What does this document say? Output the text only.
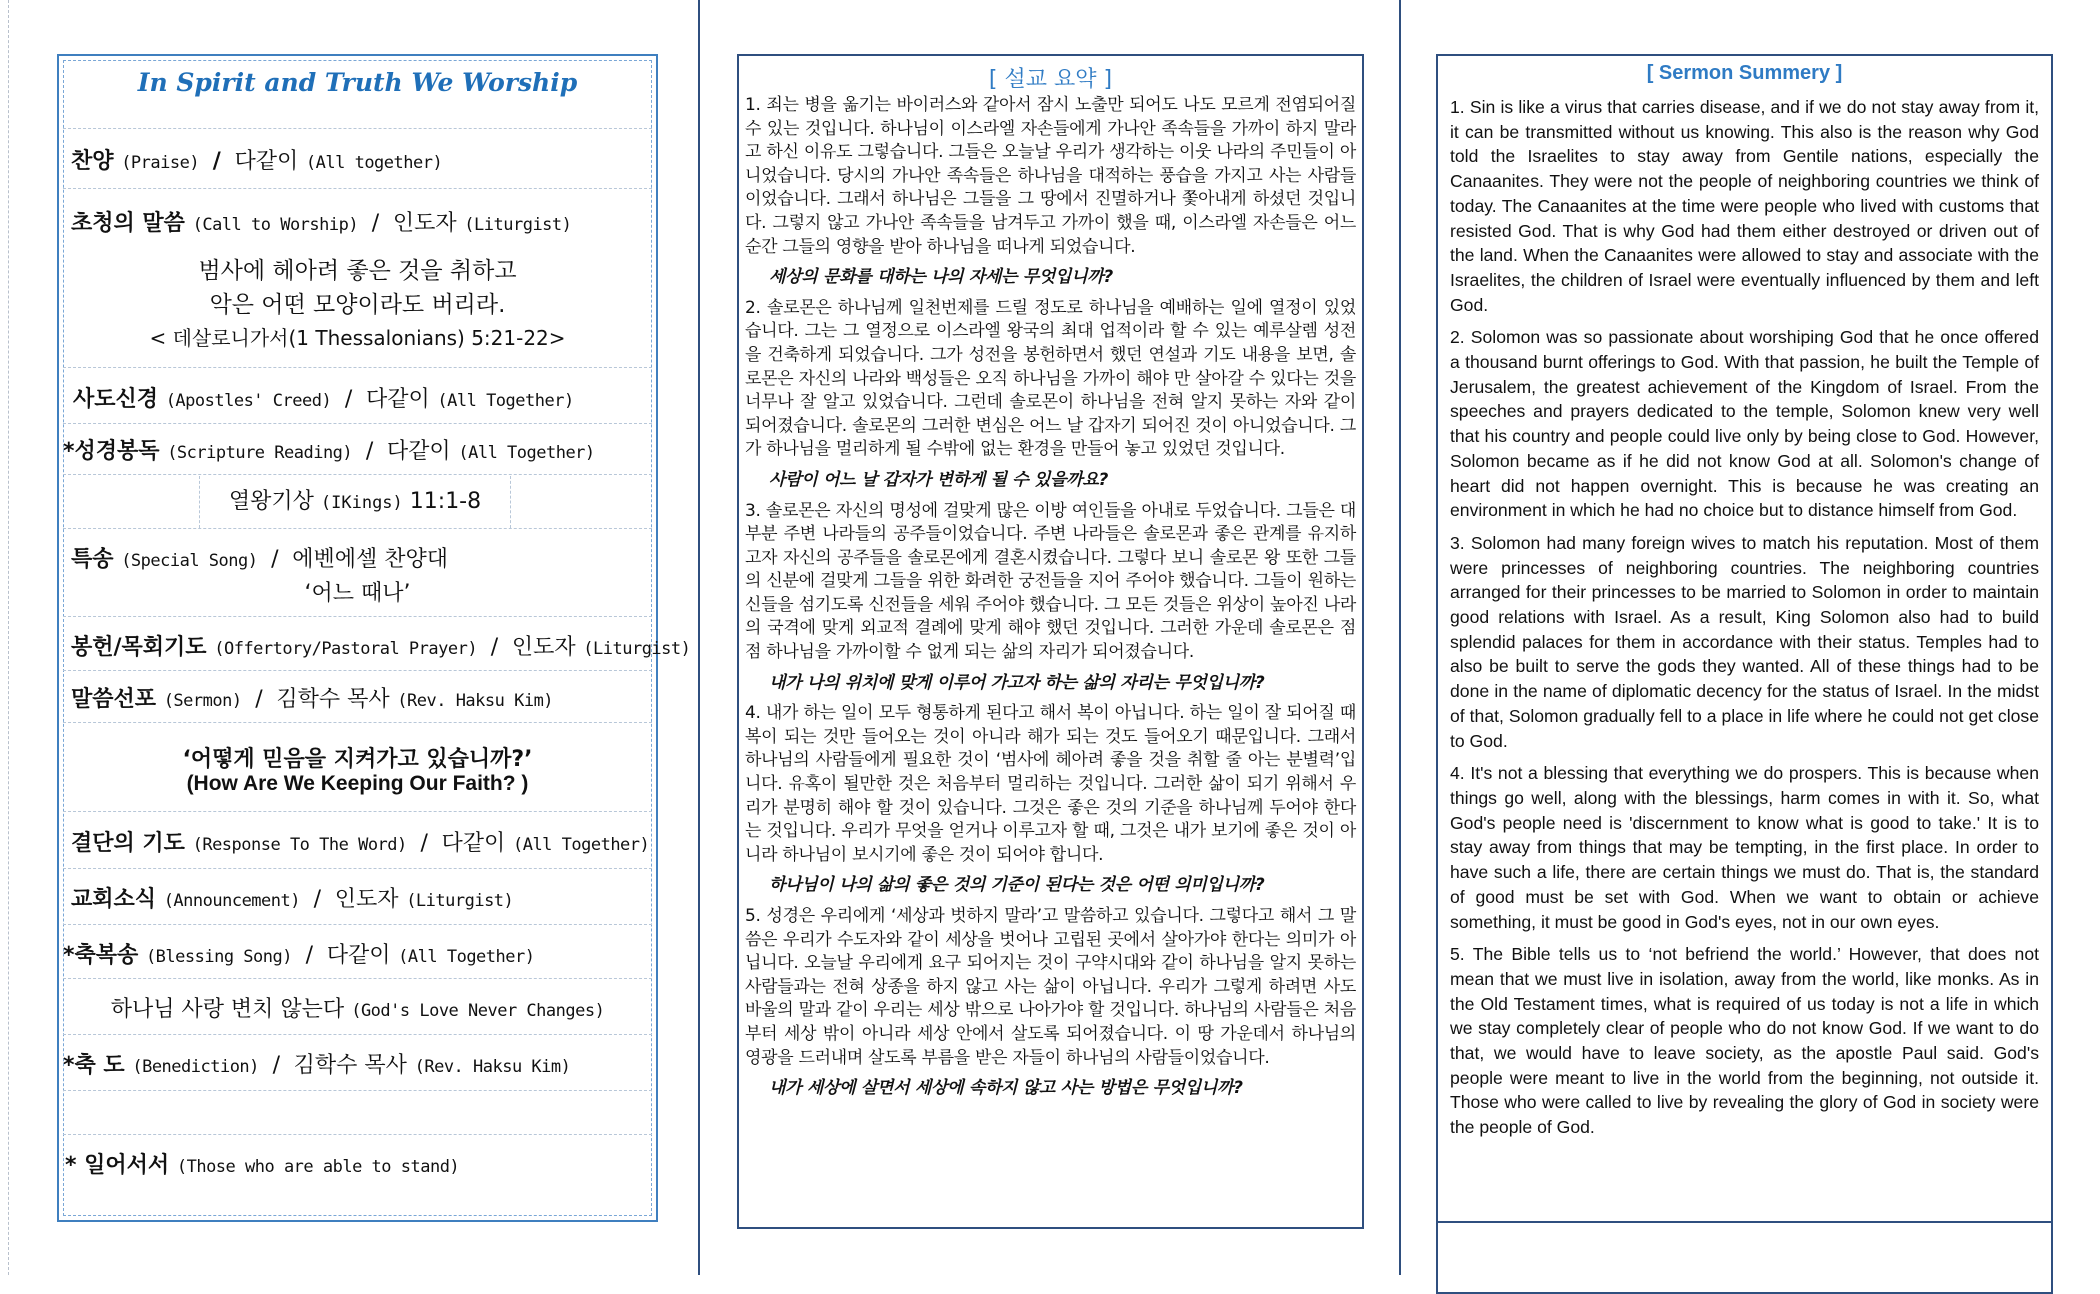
In Spirit and Truth We Worship
찬양 (Praise) / 다같이 (All together)
초청의 말씀 (Call to Worship) / 인도자 (Liturgist)
범사에 헤아려 좋은 것을 취하고
악은 어떤 모양이라도 버리라.
< 데살로니가서(1 Thessalonians) 5:21-22>
사도신경 (Apostles' Creed) / 다같이 (All Together)
*성경봉독 (Scripture Reading) / 다같이 (All Together)
열왕기상 (IKings) 11:1-8
특송 (Special Song) / 에벤에셀 찬양대
‘어느 때나’
봉헌/목회기도 (Offertory/Pastoral Prayer) / 인도자 (Liturgist)
말씀선포 (Sermon) / 김학수 목사 (Rev. Haksu Kim)
‘어떻게 믿음을 지켜가고 있습니까?’
(How Are We Keeping Our Faith? )
결단의 기도 (Response To The Word) / 다같이 (All Together)
교회소식 (Announcement) / 인도자 (Liturgist)
*축복송 (Blessing Song) / 다같이 (All Together)
하나님 사랑 변치 않는다 (God's Love Never Changes)
*축 도 (Benediction) / 김학수 목사 (Rev. Haksu Kim)
* 일어서서 (Those who are able to stand)
[ 설교 요약 ]

1. 죄는 병을 옮기는 바이러스와 같아서 잠시 노출만 되어도 나도 모르게 전염되어질 수 있는 것입니다. 하나님이 이스라엘 자손들에게 가나안 족속들을 가까이 하지 말라고 하신 이유도 그렇습니다. 그들은 오늘날 우리가 생각하는 이웃 나라의 주민들이 아니었습니다. 당시의 가나안 족속들은 하나님을 대적하는 풍습을 가지고 사는 사람들이었습니다. 그래서 하나님은 그들을 그 땅에서 진멸하거나 쫓아내게 하셨던 것입니다. 그렇지 않고 가나안 족속들을 남겨두고 가까이 했을 때, 이스라엘 자손들은 어느 순간 그들의 영향을 받아 하나님을 떠나게 되었습니다.

세상의 문화를 대하는 나의 자세는 무엇입니까?

2. 솔로몬은 하나님께 일천번제를 드릴 정도로 하나님을 예배하는 일에 열정이 있었습니다. 그는 그 열정으로 이스라엘 왕국의 최대 업적이라 할 수 있는 예루살렘 성전을 건축하게 되었습니다. 그가 성전을 봉헌하면서 했던 연설과 기도 내용을 보면, 솔로몬은 자신의 나라와 백성들은 오직 하나님을 가까이 해야 만 살아갈 수 있다는 것을 너무나 잘 알고 있었습니다. 그런데 솔로몬이 하나님을 전혀 알지 못하는 자와 같이 되어졌습니다. 솔로몬의 그러한 변심은 어느 날 갑자기 되어진 것이 아니었습니다. 그가 하나님을 멀리하게 될 수밖에 없는 환경을 만들어 놓고 있었던 것입니다.

사람이 어느 날 갑자가 변하게 될 수 있을까요?

3. 솔로몬은 자신의 명성에 걸맞게 많은 이방 여인들을 아내로 두었습니다. 그들은 대부분 주변 나라들의 공주들이었습니다. 주변 나라들은 솔로몬과 좋은 관계를 유지하고자 자신의 공주들을 솔로몬에게 결혼시켰습니다. 그렇다 보니 솔로몬 왕 또한 그들의 신분에 걸맞게 그들을 위한 화려한 궁전들을 지어 주어야 했습니다. 그들이 원하는 신들을 섬기도록 신전들을 세워 주어야 했습니다. 그 모든 것들은 위상이 높아진 나라의 국격에 맞게 외교적 결례에 맞게 해야 했던 것입니다. 그러한 가운데 솔로몬은 점점 하나님을 가까이할 수 없게 되는 삶의 자리가 되어졌습니다.

내가 나의 위치에 맞게 이루어 가고자 하는 삶의 자리는 무엇입니까?

4. 내가 하는 일이 모두 형통하게 된다고 해서 복이 아닙니다. 하는 일이 잘 되어질 때 복이 되는 것만 들어오는 것이 아니라 해가 되는 것도 들어오기 때문입니다. 그래서 하나님의 사람들에게 필요한 것이 ‘범사에 헤아려 좋을 것을 취할 줄 아는 분별력’입니다. 유혹이 될만한 것은 처음부터 멀리하는 것입니다. 그러한 삶이 되기 위해서 우리가 분명히 해야 할 것이 있습니다. 그것은 좋은 것의 기준을 하나님께 두어야 한다는 것입니다. 우리가 무엇을 얻거나 이루고자 할 때, 그것은 내가 보기에 좋은 것이 아니라 하나님이 보시기에 좋은 것이 되어야 합니다.

하나님이 나의 삶의 좋은 것의 기준이 된다는 것은 어떤 의미입니까?

5. 성경은 우리에게 ‘세상과 벗하지 말라’고 말씀하고 있습니다. 그렇다고 해서 그 말씀은 우리가 수도자와 같이 세상을 벗어나 고립된 곳에서 살아가야 한다는 의미가 아닙니다. 오늘날 우리에게 요구 되어지는 것이 구약시대와 같이 하나님을 알지 못하는 사람들과는 전혀 상종을 하지 않고 사는 삶이 아닙니다. 우리가 그렇게 하려면 사도 바울의 말과 같이 우리는 세상 밖으로 나아가야 할 것입니다. 하나님의 사람들은 처음부터 세상 밖이 아니라 세상 안에서 살도록 되어졌습니다. 이 땅 가운데서 하나님의 영광을 드러내며 살도록 부름을 받은 자들이 하나님의 사람들이었습니다.

내가 세상에 살면서 세상에 속하지 않고 사는 방법은 무엇입니까?

[ Sermon Summery ]

1. Sin is like a virus that carries disease, and if we do not stay away from it, it can be transmitted without us knowing. This also is the reason why God told the Israelites to stay away from Gentile nations, especially the Canaanites. They were not the people of neighboring countries we think of today. The Canaanites at the time were people who lived with customs that resisted God. That is why God had them either destroyed or driven out of the land. When the Canaanites were allowed to stay and associate with the Israelites, the children of Israel were eventually influenced by them and left God.

2. Solomon was so passionate about worshiping God that he once offered a thousand burnt offerings to God. With that passion, he built the Temple of Jerusalem, the greatest achievement of the Kingdom of Israel. From the speeches and prayers dedicated to the temple, Solomon knew very well that his country and people could live only by being close to God. However, Solomon became as if he did not know God at all. Solomon's change of heart did not happen overnight. This is because he was creating an environment in which he had no choice but to distance himself from God.

3. Solomon had many foreign wives to match his reputation. Most of them were princesses of neighboring countries. The neighboring countries arranged for their princesses to be married to Solomon in order to maintain good relations with Israel. As a result, King Solomon also had to build splendid palaces for them in accordance with their status. Temples had to also be built to serve the gods they wanted. All of these things had to be done in the name of diplomatic decency for the status of Israel. In the midst of that, Solomon gradually fell to a place in life where he could not get close to God.

4. It's not a blessing that everything we do prospers. This is because when things go well, along with the blessings, harm comes in with it. So, what God's people need is 'discernment to know what is good to take.' It is to stay away from things that may be tempting, in the first place. In order to have such a life, there are certain things we must do. That is, the standard of good must be set with God. When we want to obtain or achieve something, it must be good in God's eyes, not in our own eyes.

5. The Bible tells us to ‘not befriend the world.’ However, that does not mean that we must live in isolation, away from the world, like monks. As in the Old Testament times, what is required of us today is not a life in which we stay completely clear of people who do not know God. If we want to do that, we would have to leave society, as the apostle Paul said. God's people were meant to live in the world from the beginning, not outside it. Those who were called to live by revealing the glory of God in society were the people of God.
